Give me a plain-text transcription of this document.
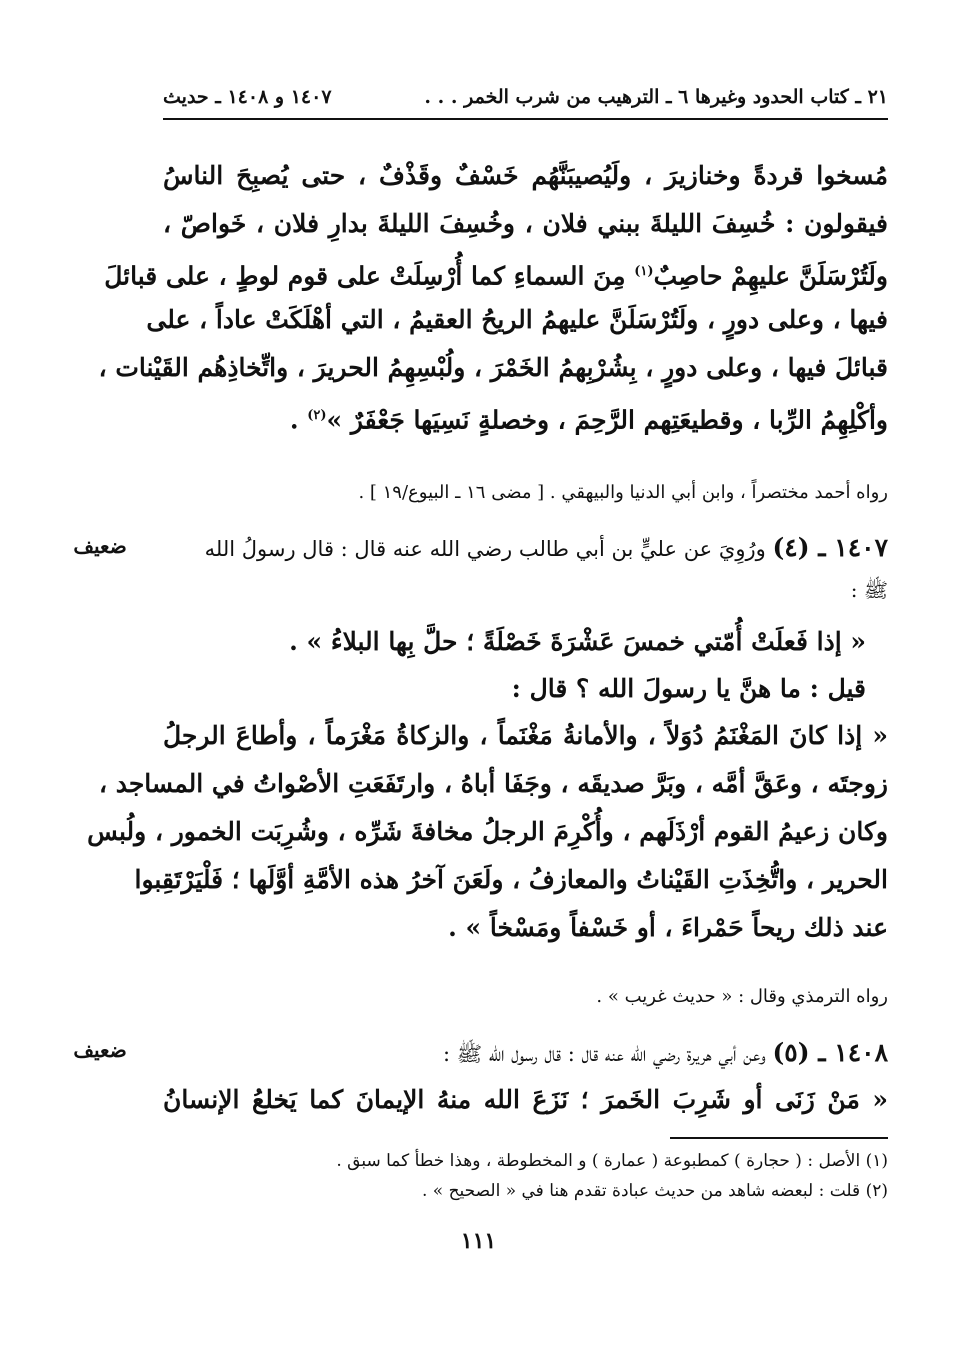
٢١ ـ كتاب الحدود وغيرها ٦ ـ الترهيب من شرب الخمر . . .
١٤٠٧ و ١٤٠٨ ـ حديث
مُسخوا قردةً وخنازيرَ ، ولَيُصيبَنَّهُم خَسْفٌ وقَذْفٌ ، حتى يُصبِحَ الناسُ
فيقولون : خُسِفَ الليلةَ ببني فلان ، وخُسِفَ الليلةَ بدارِ فلان ، خَواصّ ،
ولَتُرْسَلَنَّ عليهِمْ حاصِبٌ$^{(١)}$ مِنَ السماءِ كما أُرْسِلَتْ على قوم لوطٍ ، على قبائلَ
فيها ، وعلى دورٍ ، ولَتُرْسَلَنَّ عليهمُ الريحُ العقيمُ ، التي أهْلَكَتْ عاداً ، على
قبائلَ فيها ، وعلى دورٍ ، بِشُرْبِهمُ الخَمْرَ ، ولُبْسِهِمُ الحريرَ ، واتِّخاذِهُم القَيْنات ،
وأكْلِهِمُ الرِّبا ، وقطيعَتِهم الرَّحِمَ ، وخصلةٍ نَسِيَها جَعْفَرٌ »$^{(٢)}$ .
رواه أحمد مختصراً ، وابن أبي الدنيا والبيهقي . [ مضى ١٦ ـ البيوع/١٩ ] .
ضعيف	١٤٠٧ ـ (٤) ورُوِيَ عن عليٍّ بن أبي طالب رضي الله عنه قال : قال رسولُ الله
ﷺ :
« إذا فَعلَتْ أُمّتي خمسَ عَشْرَةَ خَصْلَةً ؛ حلَّ بِها البلاءُ » .
قيل : ما هنَّ يا رسولَ الله ؟ قال :
« إذا كانَ المَغْنَمُ دُوَلاً ، والأمانةُ مَغْنَماً ، والزكاةُ مَغْرَماً ، وأطاعَ الرجلُ
زوجتَه ، وعَقَّ أمَّه ، وبَرَّ صديقَه ، وجَفَا أباهُ ، وارتَفَعَتِ الأصْواتُ في المساجد ،
وكان زعيمُ القوم أرْذَلَهم ، وأُكْرِمَ الرجلُ مخافةَ شَرِّه ، وشُرِبَت الخمور ، ولُبس
الحرير ، واتُّخِذَتِ القَيْناتُ والمعازفُ ، ولَعَنَ آخرُ هذه الأمَّةِ أوَّلَها ؛ فَلْيَرْتَقِبوا
عند ذلك ريحاً حَمْراءَ ، أو خَسْفاً ومَسْخاً » .
رواه الترمذي وقال : « حديث غريب » .
ضعيف	١٤٠٨ ـ (٥) وعن أبي هريرة رضي الله عنه قال : قال رسول الله ﷺ :
« مَنْ زَنَى أو شَرِبَ الخَمرَ ؛ نَزَعَ الله منهُ الإيمانَ كما يَخلعُ الإنسانُ
(١) الأصل : ( حجارة ) كمطبوعة ( عمارة ) و المخطوطة ، وهذا خطأ كما سبق .
(٢) قلت : لبعضه شاهد من حديث عبادة تقدم هنا في « الصحيح » .
١١١
